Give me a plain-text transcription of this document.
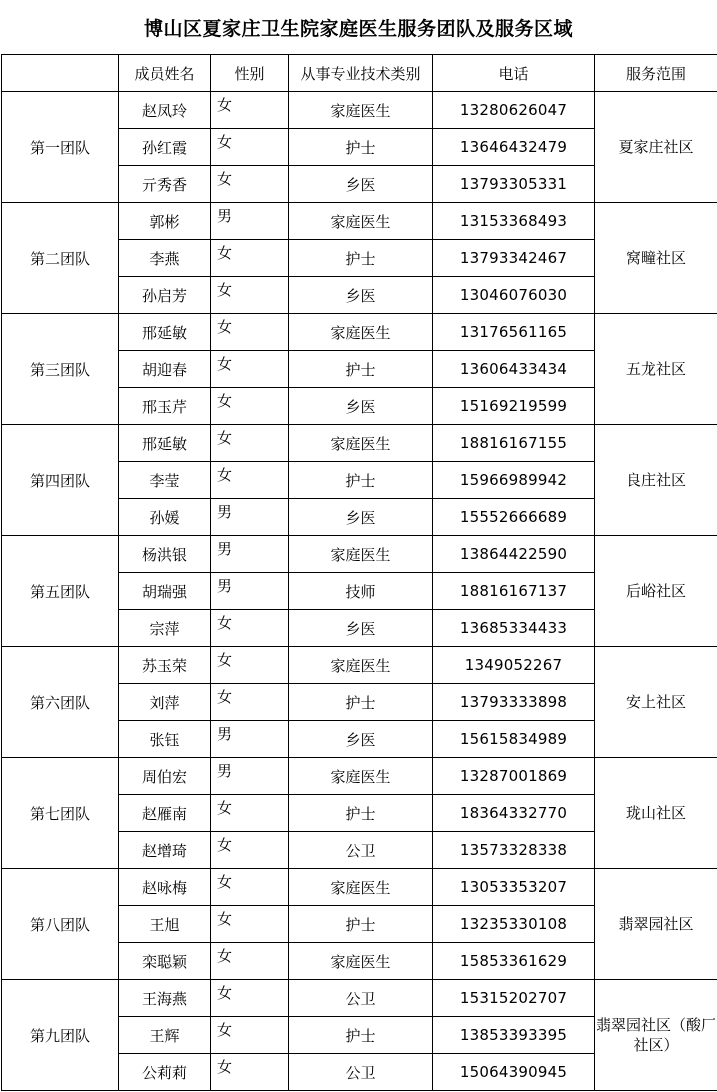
博山区夏家庄卫生院家庭医生服务团队及服务区域
	成员姓名	性别	从事专业技术类别	电话	服务范围
第一团队	赵凤玲	女	家庭医生	13280626047	夏家庄社区
	孙红霞	女	护士	13646432479	
	亓秀香	女	乡医	13793305331	
第二团队	郭彬	男	家庭医生	13153368493	窝疃社区
	李燕	女	护士	13793342467	
	孙启芳	女	乡医	13046076030	
第三团队	邢延敏	女	家庭医生	13176561165	五龙社区
	胡迎春	女	护士	13606433434	
	邢玉芹	女	乡医	15169219599	
第四团队	邢延敏	女	家庭医生	18816167155	良庄社区
	李莹	女	护士	15966989942	
	孙媛	男	乡医	15552666689	
第五团队	杨洪银	男	家庭医生	13864422590	后峪社区
	胡瑞强	男	技师	18816167137	
	宗萍	女	乡医	13685334433	
第六团队	苏玉荣	女	家庭医生	1349052267	安上社区
	刘萍	女	护士	13793333898	
	张钰	男	乡医	15615834989	
第七团队	周伯宏	男	家庭医生	13287001869	珑山社区
	赵雁南	女	护士	18364332770	
	赵增琦	女	公卫	13573328338	
第八团队	赵咏梅	女	家庭医生	13053353207	翡翠园社区
	王旭	女	护士	13235330108	
	栾聪颖	女	家庭医生	15853361629	
第九团队	王海燕	女	公卫	15315202707	翡翠园社区（酸厂社区）
	王辉	女	护士	13853393395	
	公莉莉	女	公卫	15064390945	
